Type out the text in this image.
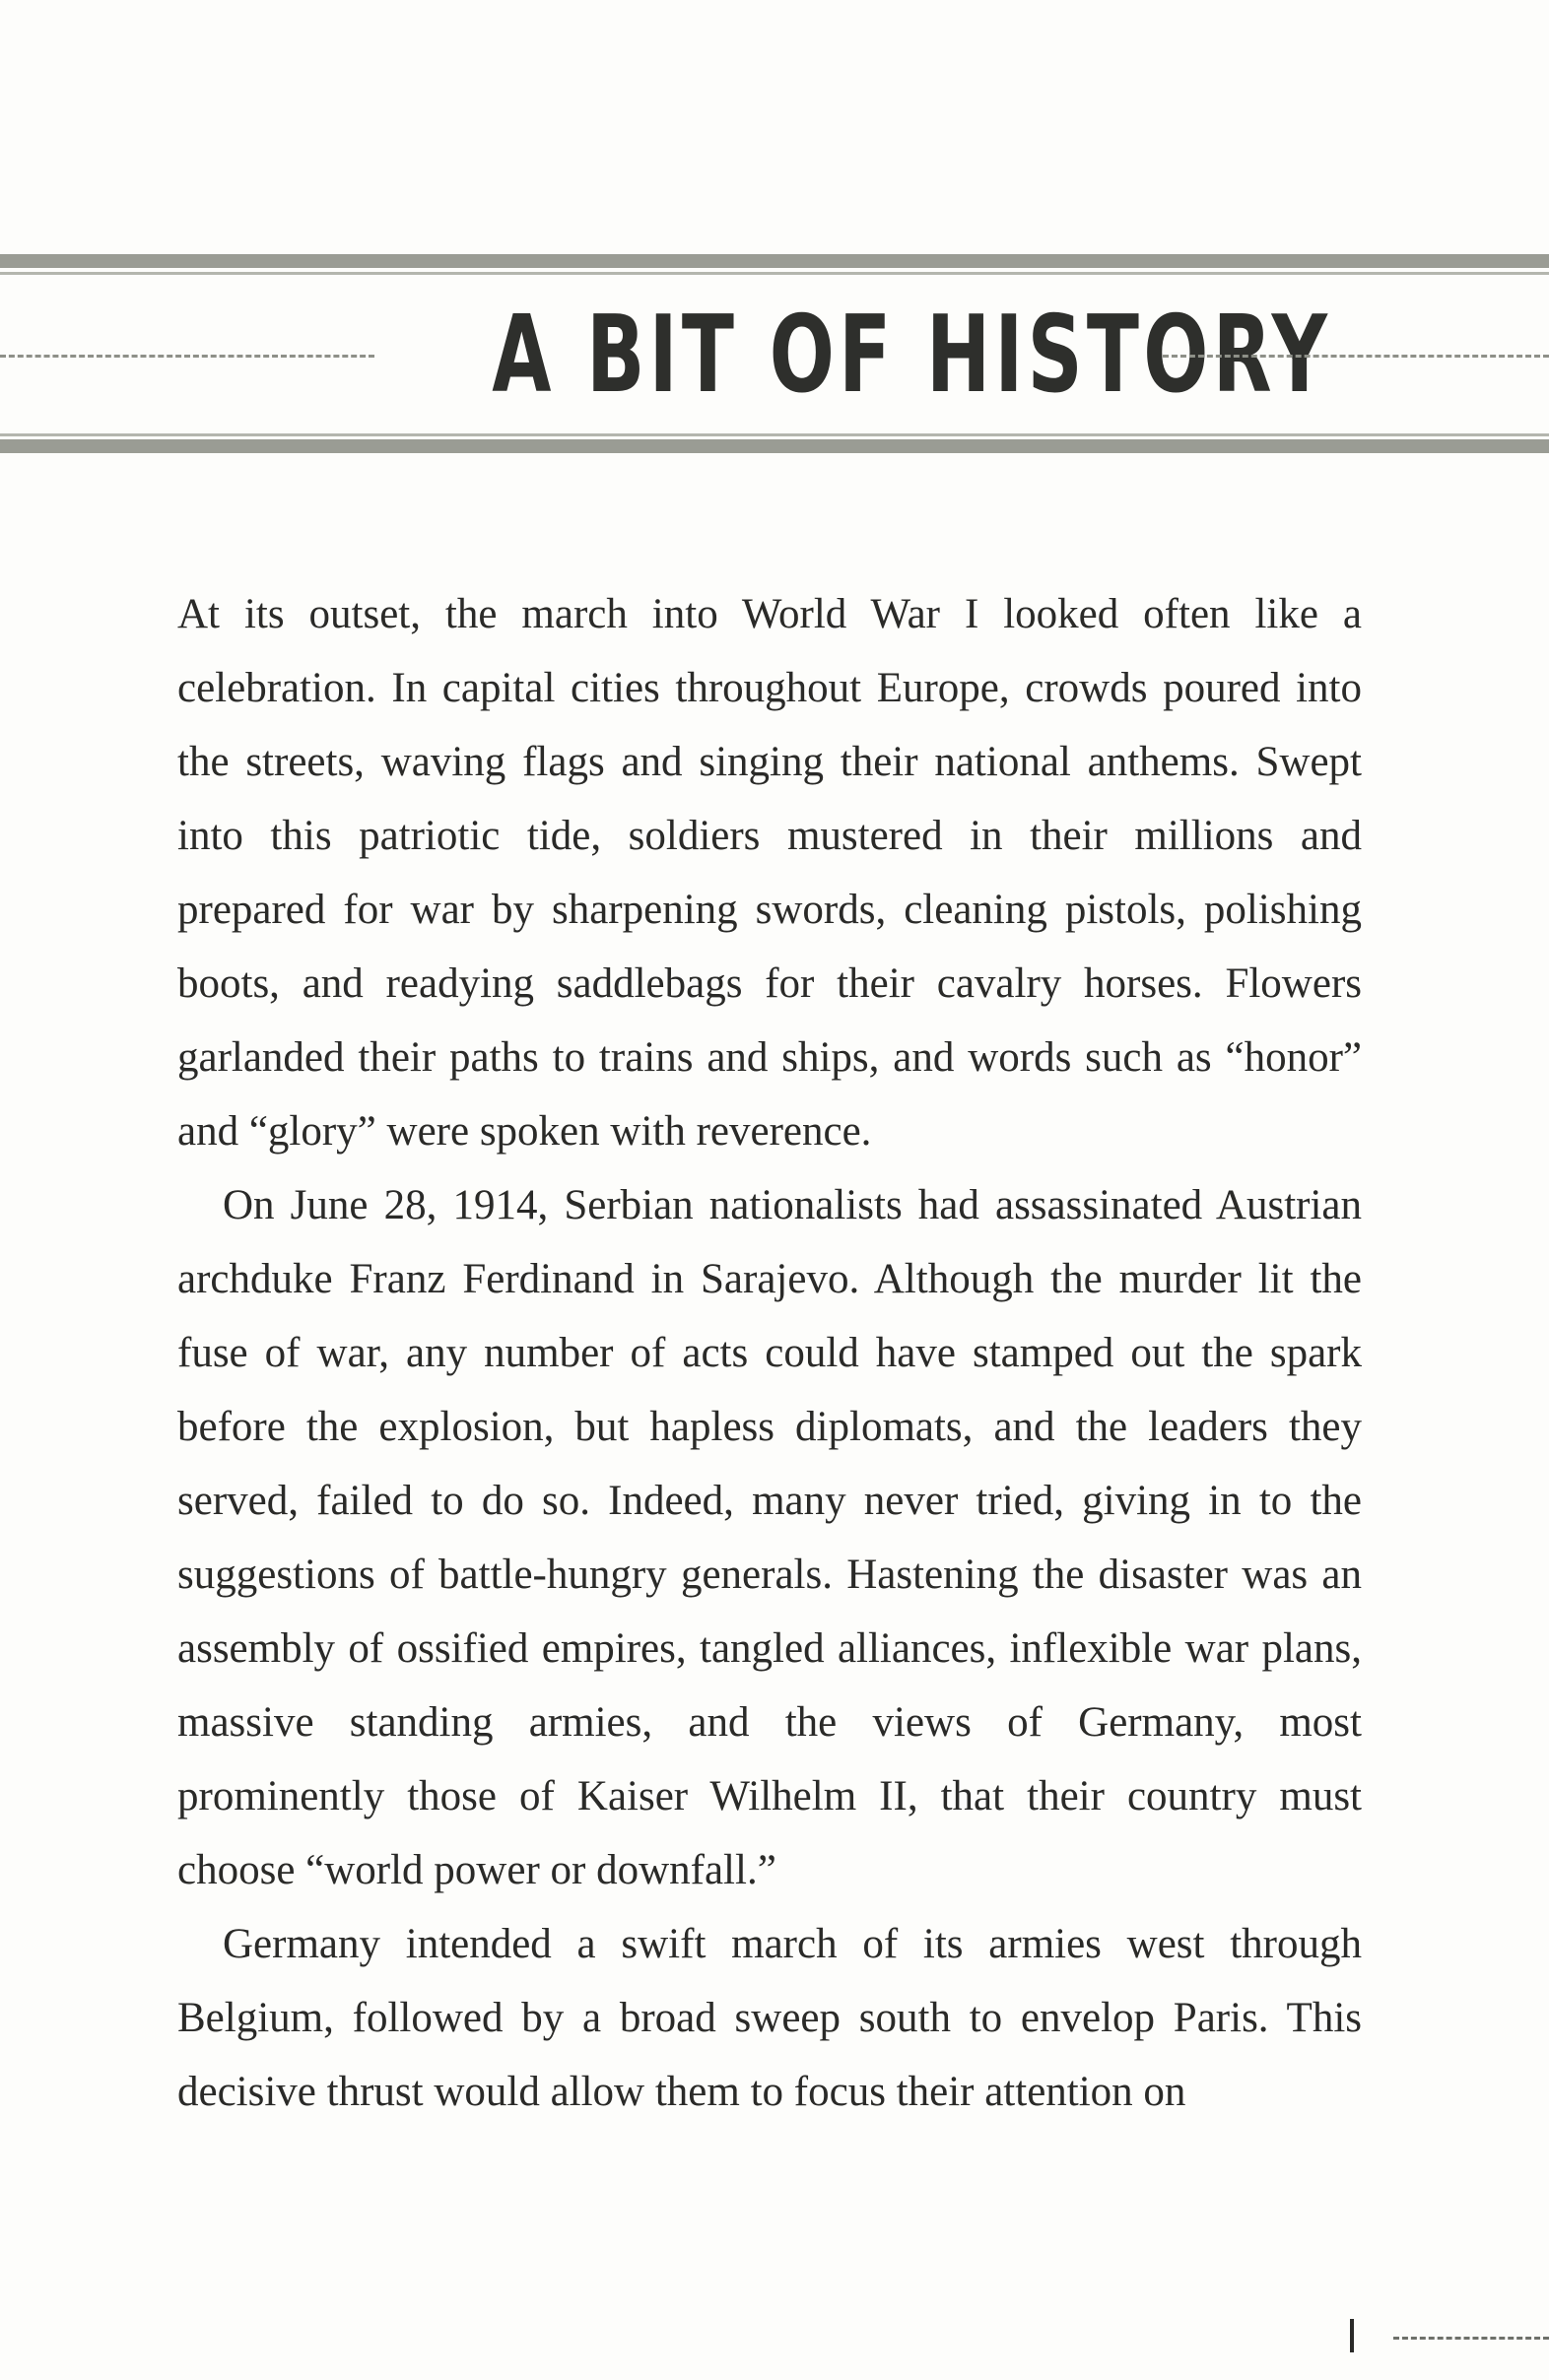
A BIT OF HISTORY

At its outset, the march into World War I looked often like a celebration. In capital cities throughout Europe, crowds poured into the streets, waving flags and singing their national anthems. Swept into this patriotic tide, soldiers mustered in their millions and prepared for war by sharpening swords, cleaning pistols, polishing boots, and readying saddlebags for their cavalry horses. Flowers garlanded their paths to trains and ships, and words such as “honor” and “glory” were spoken with reverence.

On June 28, 1914, Serbian nationalists had assassinated Austrian archduke Franz Ferdinand in Sarajevo. Although the murder lit the fuse of war, any number of acts could have stamped out the spark before the explosion, but hapless diplomats, and the leaders they served, failed to do so. Indeed, many never tried, giving in to the suggestions of battle-hungry generals. Hastening the disaster was an assembly of ossified empires, tangled alliances, inflexible war plans, massive standing armies, and the views of Germany, most prominently those of Kaiser Wilhelm II, that their country must choose “world power or downfall.”

Germany intended a swift march of its armies west through Belgium, followed by a broad sweep south to envelop Paris. This decisive thrust would allow them to focus their attention on
